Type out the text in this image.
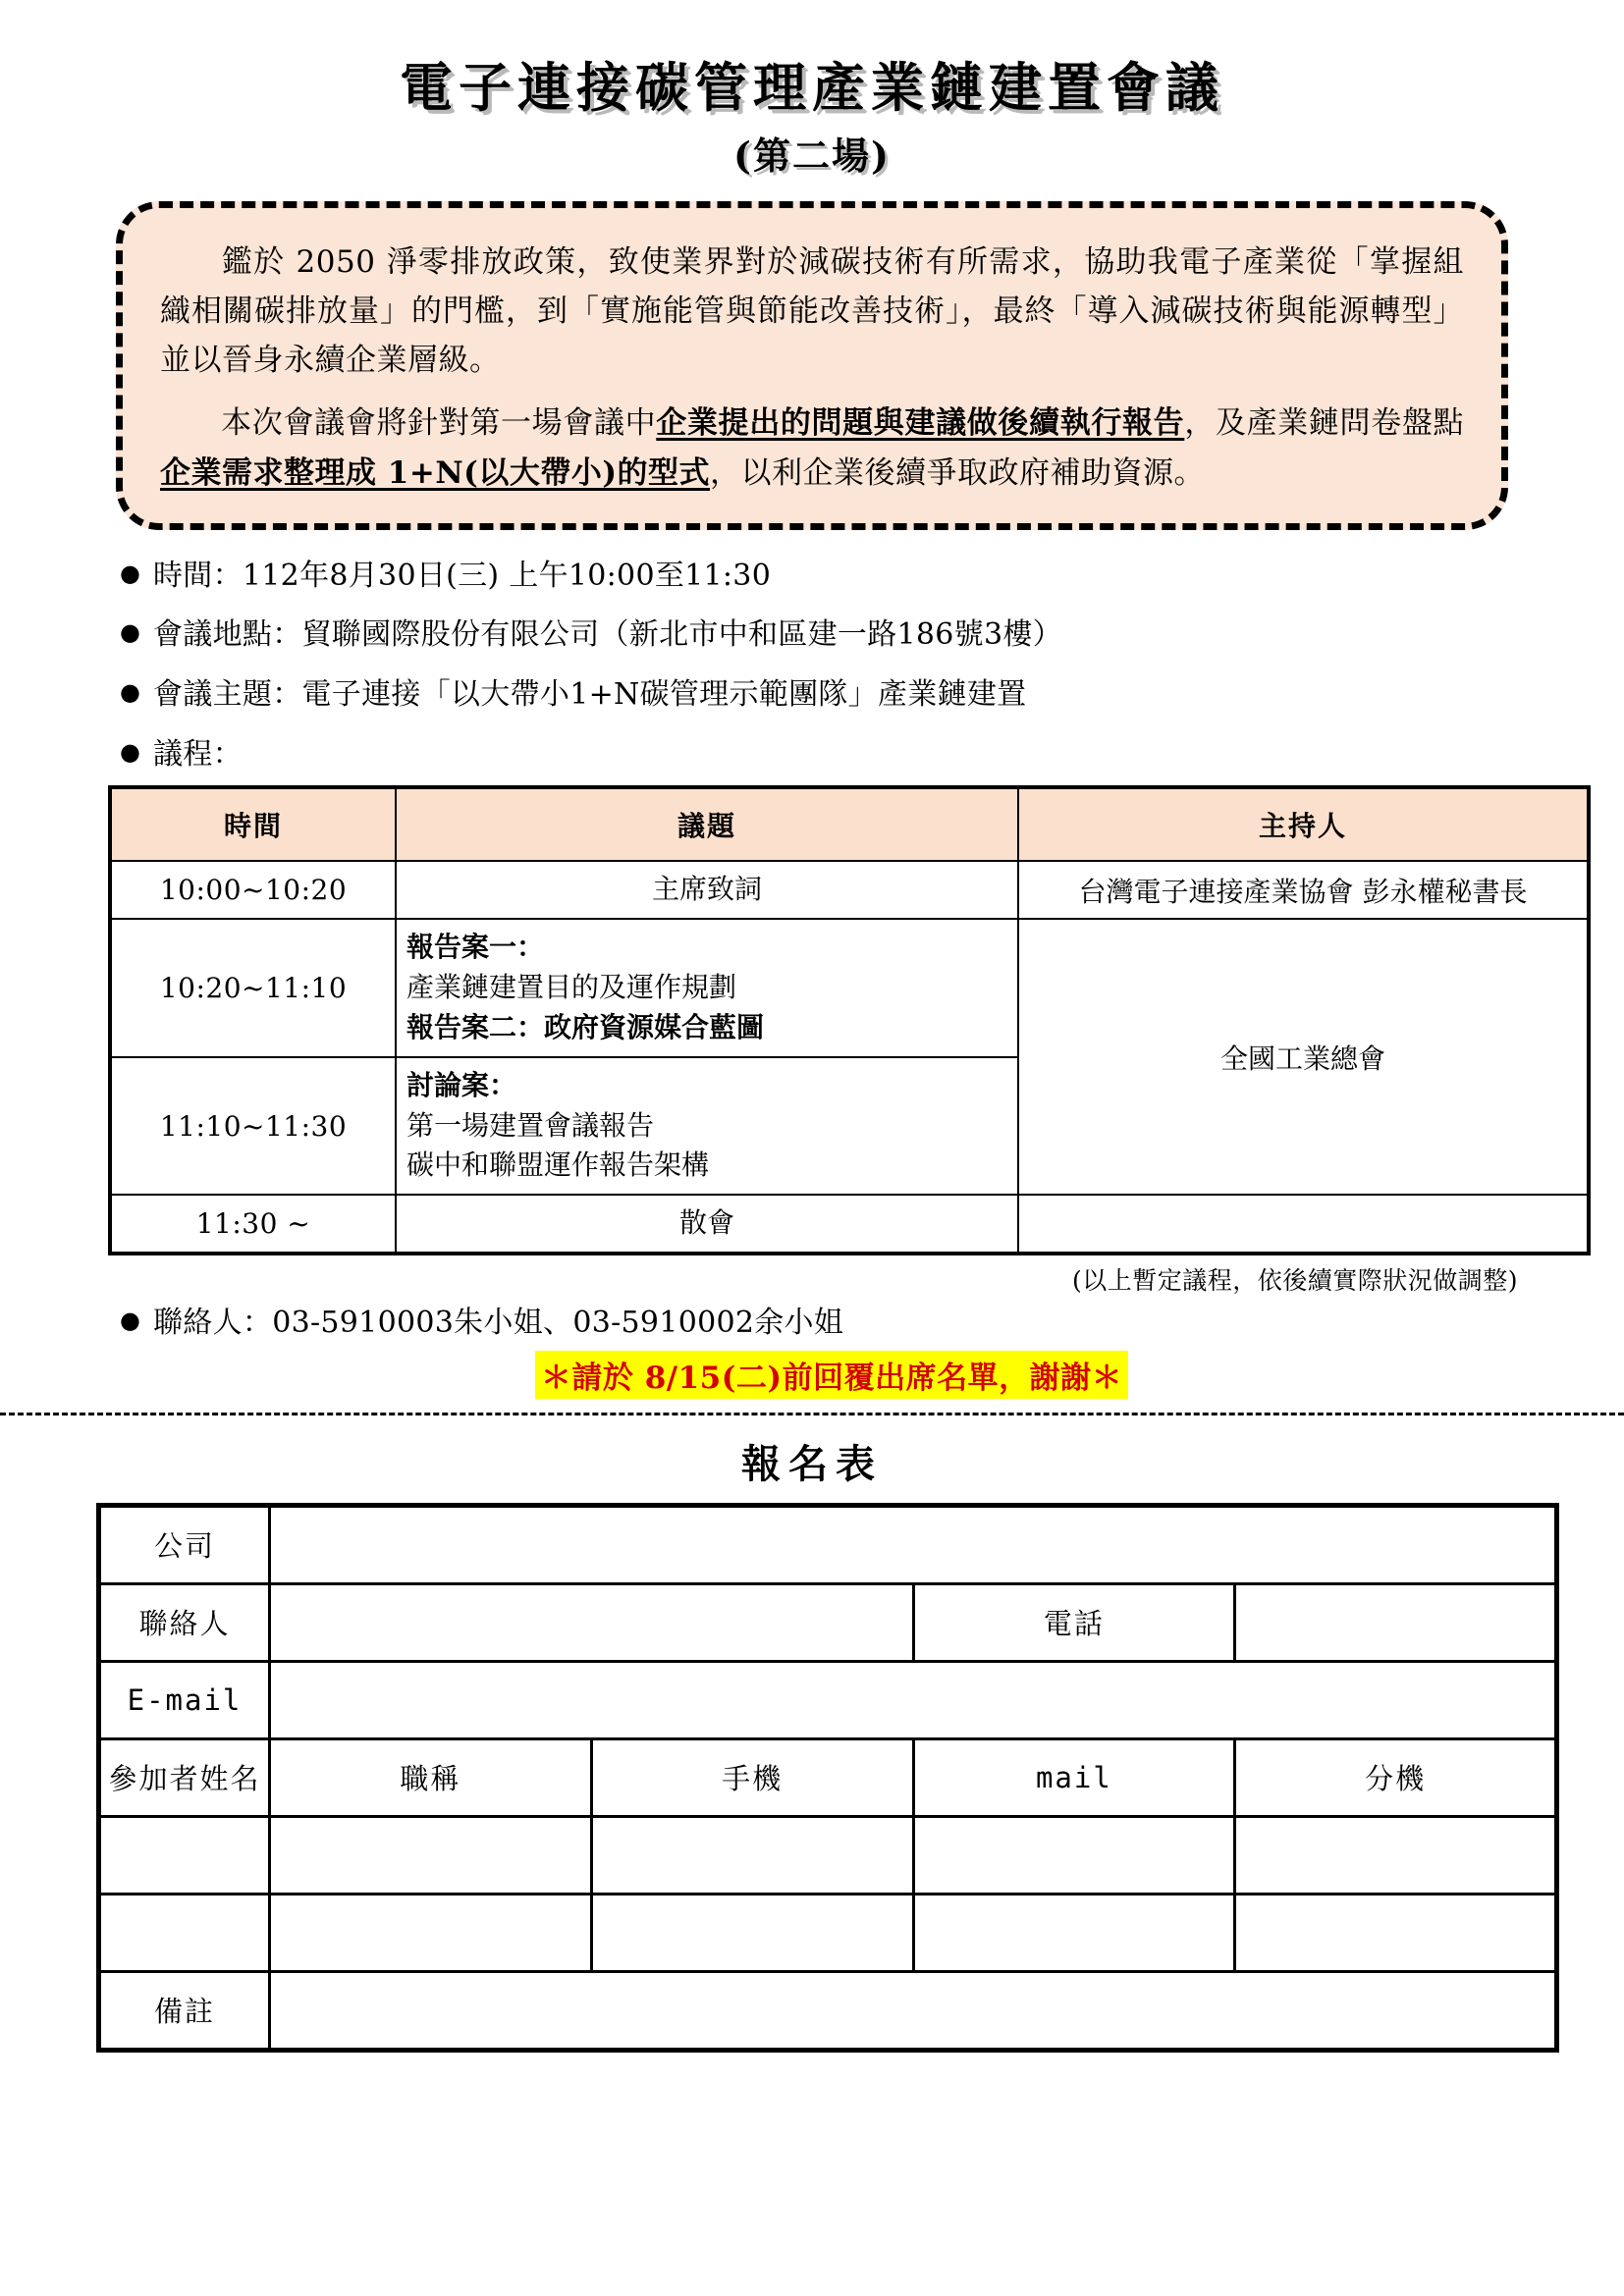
電子連接碳管理產業鏈建置會議
(第二場)

鑑於 2050 淨零排放政策，致使業界對於減碳技術有所需求，協助我電子產業從「掌握組織相關碳排放量」的門檻，到「實施能管與節能改善技術」，最終「導入減碳技術與能源轉型」並以晉身永續企業層級。

本次會議會將針對第一場會議中企業提出的問題與建議做後續執行報告，及產業鏈問卷盤點企業需求整理成 1+N(以大帶小)的型式，以利企業後續爭取政府補助資源。

● 時間：112年8月30日(三) 上午10:00至11:30
● 會議地點：貿聯國際股份有限公司（新北市中和區建一路186號3樓）
● 會議主題：電子連接「以大帶小1+N碳管理示範團隊」產業鏈建置
● 議程：
時間	議題	主持人
10:00~10:20	主席致詞	台灣電子連接產業協會 彭永權秘書長
10:20~11:10	報告案一：
產業鏈建置目的及運作規劃
報告案二：政府資源媒合藍圖	全國工業總會
11:10~11:30	討論案：
第一場建置會議報告
碳中和聯盟運作報告架構	

11:30 ~	散會	

(以上暫定議程，依後續實際狀況做調整)
● 聯絡人：03-5910003朱小姐、03-5910002余小姐
＊請於 8/15(二)前回覆出席名單，謝謝＊
報名表
公司				
聯絡人			電話	
E-mail				
參加者姓名	職稱	手機	mail	分機

備註				
